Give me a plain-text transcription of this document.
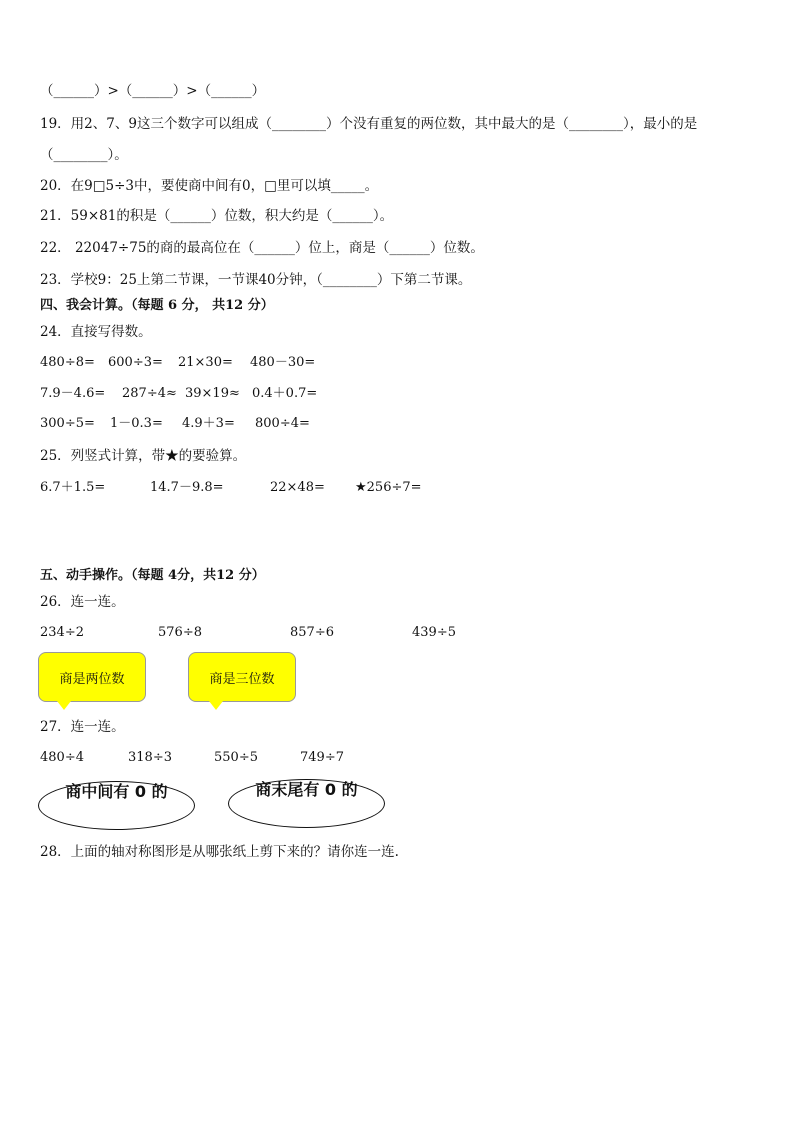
（______）>（______）>（______）
19．用2、7、9这三个数字可以组成（________）个没有重复的两位数，其中最大的是（________），最小的是
（________）。
20．在9□5÷3中，要使商中间有0，□里可以填_____。
21．59×81的积是（______）位数，积大约是（______）。
22． 22047÷75的商的最高位在（______）位上，商是（______）位数。
23．学校9：25上第二节课，一节课40分钟，（________）下第二节课。
四、我会计算。（每题 6 分， 共12 分）
24．直接写得数。
480÷8= 600÷3= 21×30= 480－30=
7.9－4.6= 287÷4≈ 39×19≈ 0.4＋0.7=
300÷5= 1－0.3= 4.9＋3= 800÷4=
25．列竖式计算，带★的要验算。
6.7＋1.5=	14.7－9.8=	22×48= ★256÷7=
五、动手操作。（每题 4分，共12 分）
26．连一连。
234÷2	576÷8	857÷6	439÷5
商是两位数	商是三位数
27．连一连。
480÷4	318÷3	550÷5	749÷7
商中间有 0 的	商末尾有 0 的
28．上面的轴对称图形是从哪张纸上剪下来的？请你连一连.
